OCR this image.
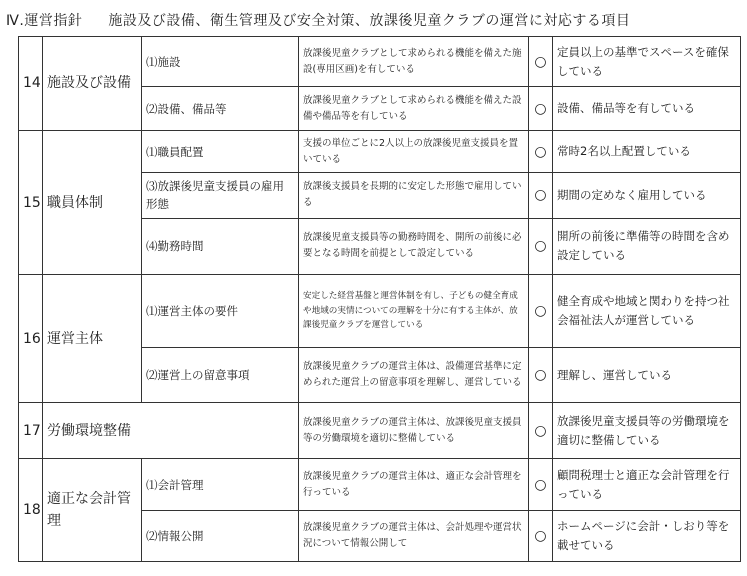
Ⅳ.運営指針 施設及び設備、衛生管理及び安全対策、放課後児童クラブの運営に対応する項目
14	施設及び設備	⑴施設	放課後児童クラブとして求められる機能を備えた施設(専用区画)を有している	○	定員以上の基準でスペースを確保している
		⑵設備、備品等	放課後児童クラブとして求められる機能を備えた設備や備品等を有している	○	設備、備品等を有している
15	職員体制	⑴職員配置	支援の単位ごとに2人以上の放課後児童支援員を置いている	○	常時2名以上配置している
		⑶放課後児童支援員の雇用形態	放課後支援員を長期的に安定した形態で雇用している	○	期間の定めなく雇用している
		⑷勤務時間	放課後児童支援員等の勤務時間を、開所の前後に必要となる時間を前提として設定している	○	開所の前後に準備等の時間を含め設定している
16	運営主体	⑴運営主体の要件	安定した経営基盤と運営体制を有し、子どもの健全育成や地域の実情についての理解を十分に有する主体が、放課後児童クラブを運営している	○	健全育成や地域と関わりを持つ社会福祉法人が運営している
		⑵運営上の留意事項	放課後児童クラブの運営主体は、設備運営基準に定められた運営上の留意事項を理解し、運営している	○	理解し、運営している
17	労働環境整備		放課後児童クラブの運営主体は、放課後児童支援員等の労働環境を適切に整備している	○	放課後児童支援員等の労働環境を適切に整備している
18	適正な会計管理	⑴会計管理	放課後児童クラブの運営主体は、適正な会計管理を行っている	○	顧問税理士と適正な会計管理を行っている
		⑵情報公開	放課後児童クラブの運営主体は、会計処理や運営状況について情報公開して	○	ホームページに会計・しおり等を載せている
